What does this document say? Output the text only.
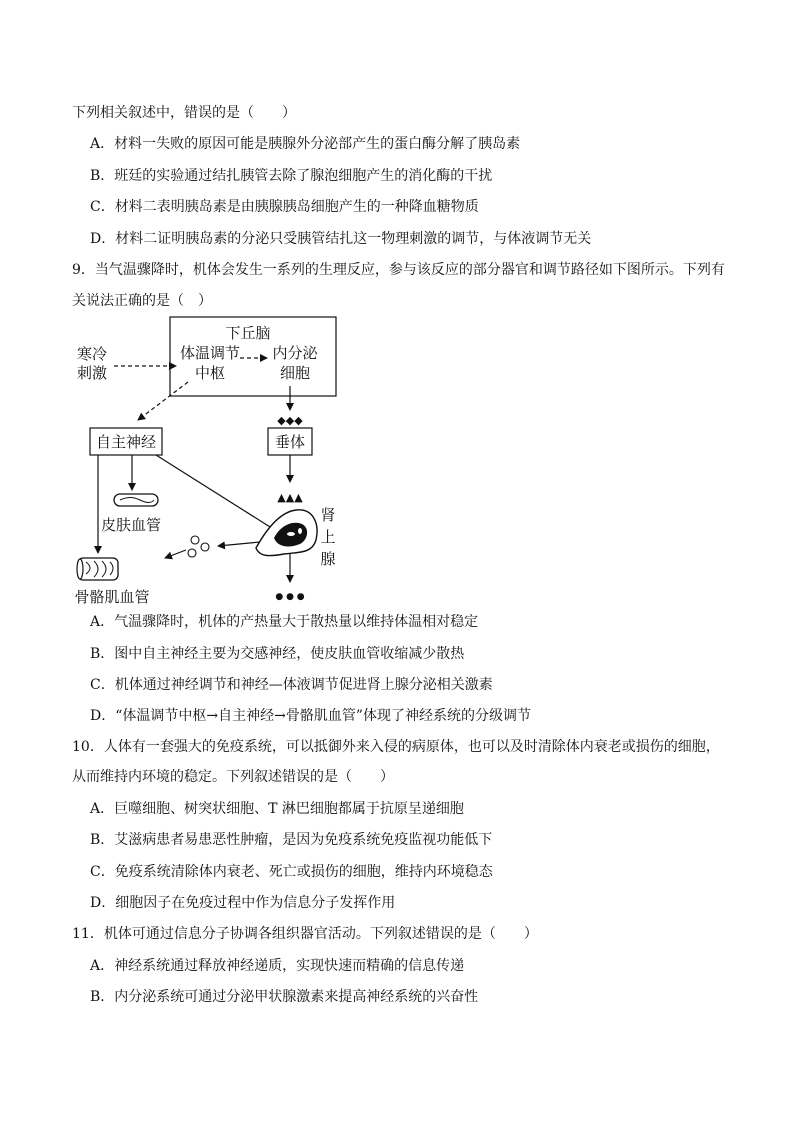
下列相关叙述中，错误的是（　　）
A．材料一失败的原因可能是胰腺外分泌部产生的蛋白酶分解了胰岛素
B．班廷的实验通过结扎胰管去除了腺泡细胞产生的消化酶的干扰
C．材料二表明胰岛素是由胰腺胰岛细胞产生的一种降血糖物质
D．材料二证明胰岛素的分泌只受胰管结扎这一物理刺激的调节，与体液调节无关
9．当气温骤降时，机体会发生一系列的生理反应，参与该反应的部分器官和调节路径如下图所示。下列有
关说法正确的是（　）
下丘脑
体温调节
中枢
内分泌
细胞
寒冷
刺激
自主神经
◆◆◆
垂体
▲▲▲
皮肤血管
肾
上
腺
● ● ●
骨骼肌血管
A．气温骤降时，机体的产热量大于散热量以维持体温相对稳定
B．图中自主神经主要为交感神经，使皮肤血管收缩减少散热
C．机体通过神经调节和神经—体液调节促进肾上腺分泌相关激素
D．“体温调节中枢→自主神经→骨骼肌血管”体现了神经系统的分级调节
10．人体有一套强大的免疫系统，可以抵御外来入侵的病原体，也可以及时清除体内衰老或损伤的细胞，
从而维持内环境的稳定。下列叙述错误的是（　　）
A．巨噬细胞、树突状细胞、T 淋巴细胞都属于抗原呈递细胞
B．艾滋病患者易患恶性肿瘤，是因为免疫系统免疫监视功能低下
C．免疫系统清除体内衰老、死亡或损伤的细胞，维持内环境稳态
D．细胞因子在免疫过程中作为信息分子发挥作用
11．机体可通过信息分子协调各组织器官活动。下列叙述错误的是（　　）
A．神经系统通过释放神经递质，实现快速而精确的信息传递
B．内分泌系统可通过分泌甲状腺激素来提高神经系统的兴奋性
